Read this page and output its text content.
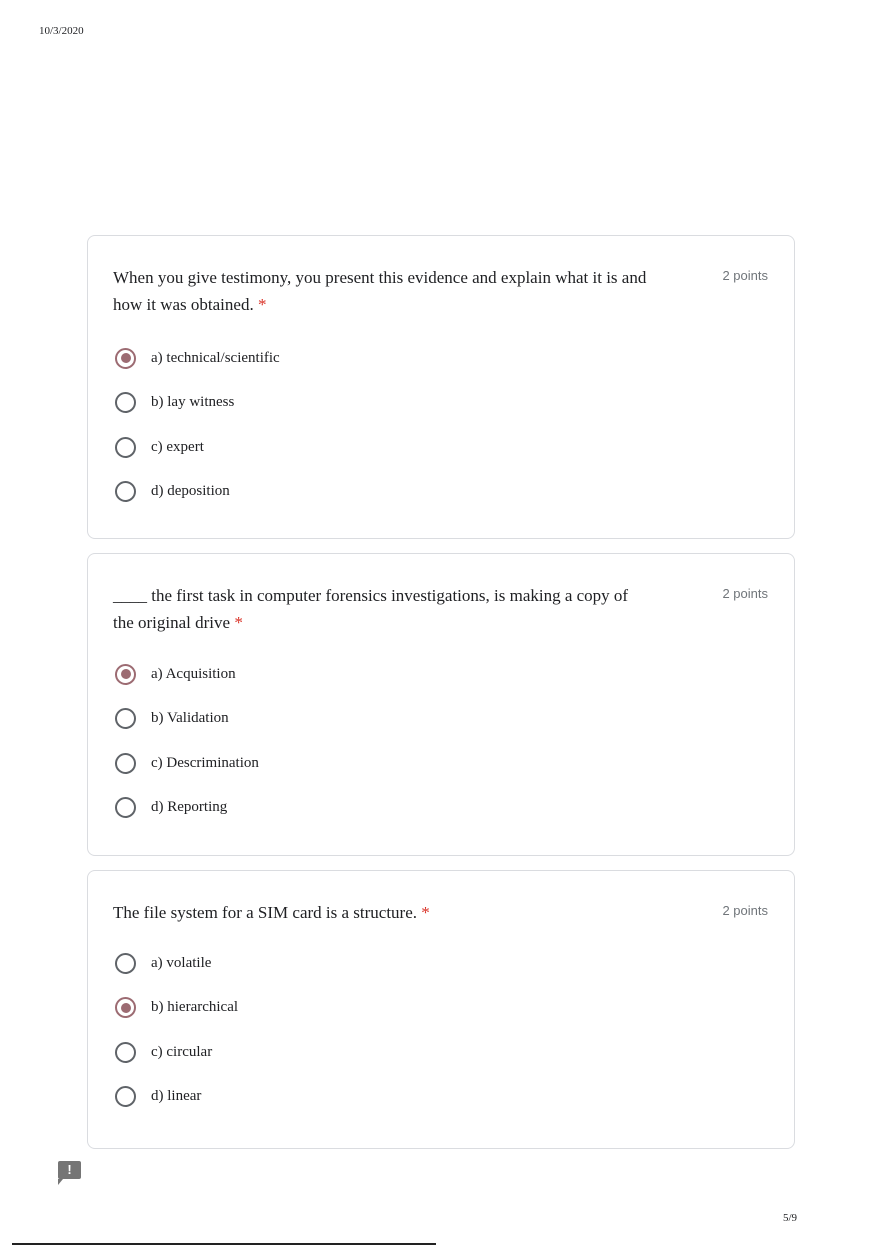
10/3/2020
When you give testimony, you present this evidence and explain what it is and how it was obtained. *
2 points
a) technical/scientific
b) lay witness
c) expert
d) deposition
____ the first task in computer forensics investigations, is making a copy of the original drive *
2 points
a) Acquisition
b) Validation
c) Descrimination
d) Reporting
The file system for a SIM card is a structure. *	2 points
a) volatile
b) hierarchical
c) circular
d) linear
!
5/9
